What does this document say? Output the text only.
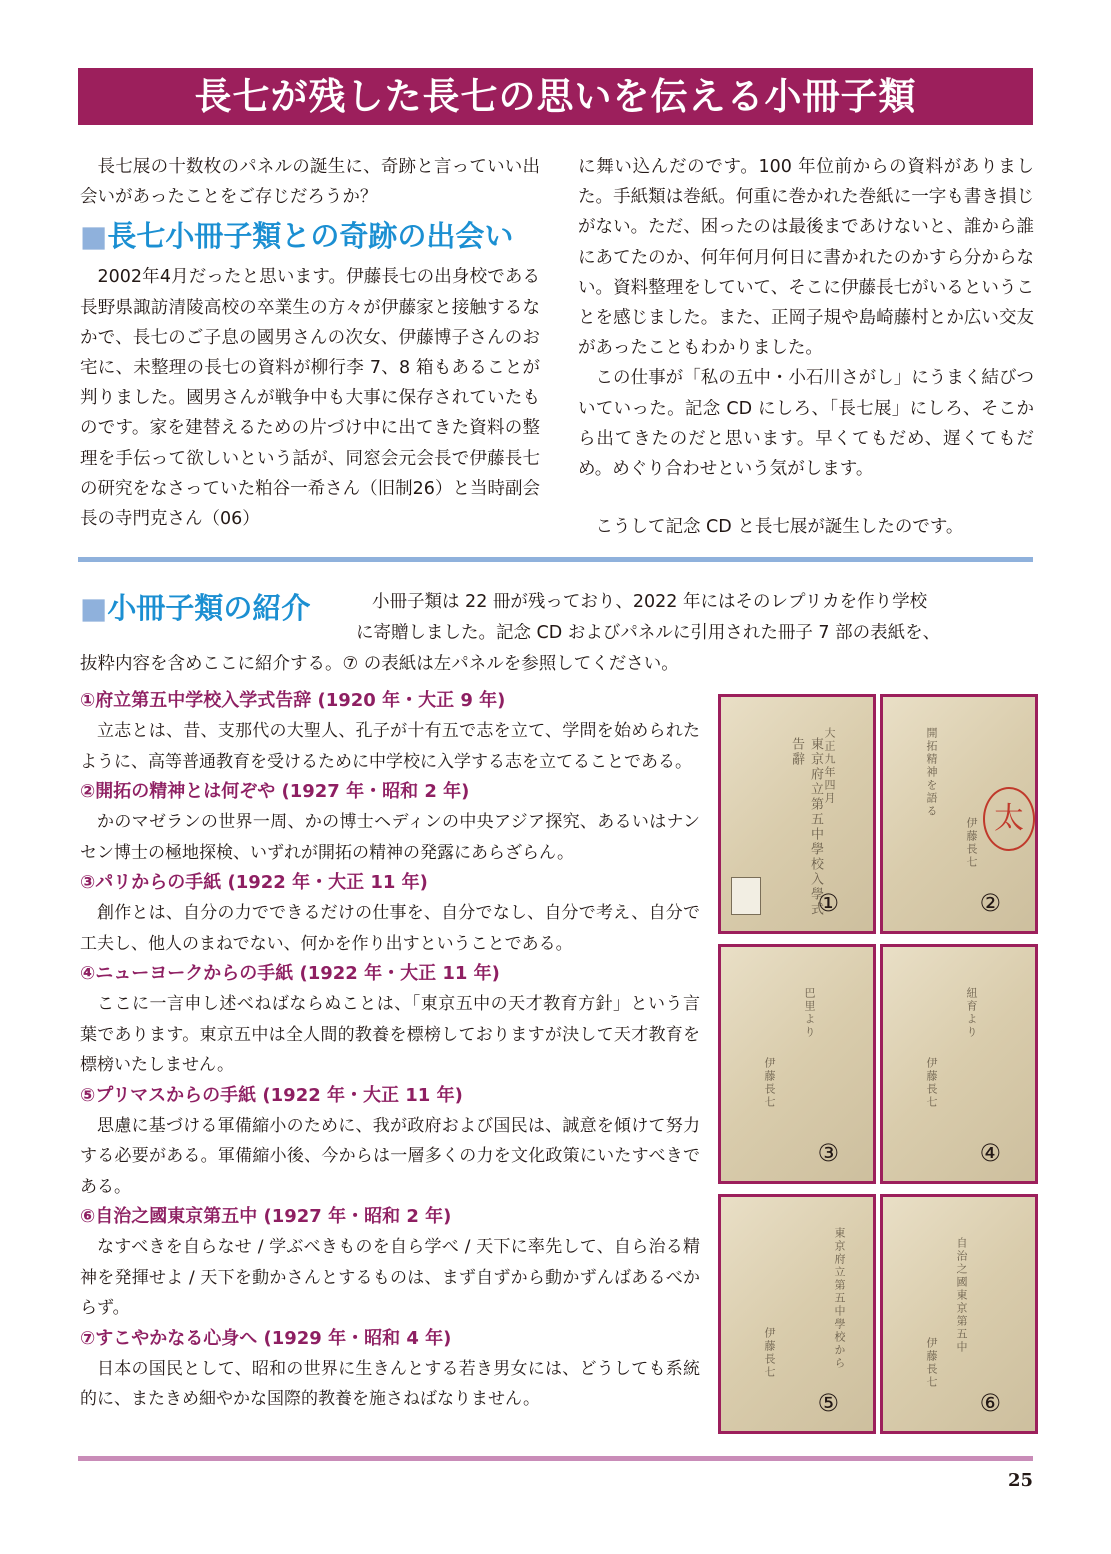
長七が残した長七の思いを伝える小冊子類

長七展の十数枚のパネルの誕生に、奇跡と言っていい出会いがあったことをご存じだろうか？

■長七小冊子類との奇跡の出会い

2002年4月だったと思います。伊藤長七の出身校である長野県諏訪清陵高校の卒業生の方々が伊藤家と接触するなかで、長七のご子息の國男さんの次女、伊藤博子さんのお宅に、未整理の長七の資料が柳行李 7、8 箱もあることが判りました。國男さんが戦争中も大事に保存されていたものです。家を建替えるための片づけ中に出てきた資料の整理を手伝って欲しいという話が、同窓会元会長で伊藤長七の研究をなさっていた粕谷一希さん（旧制26）と当時副会長の寺門克さん（06）

に舞い込んだのです。100 年位前からの資料がありました。手紙類は巻紙。何重に巻かれた巻紙に一字も書き損じがない。ただ、困ったのは最後まであけないと、誰から誰にあてたのか、何年何月何日に書かれたのかすら分からない。資料整理をしていて、そこに伊藤長七がいるということを感じました。また、正岡子規や島崎藤村とか広い交友があったこともわかりました。

この仕事が「私の五中・小石川さがし」にうまく結びついていった。記念 CD にしろ、「長七展」にしろ、そこから出てきたのだと思います。早くてもだめ、遅くてもだめ。めぐり合わせという気がします。

こうして記念 CD と長七展が誕生したのです。

■小冊子類の紹介	小冊子類は 22 冊が残っており、2022 年にはそのレプリカを作り学校
に寄贈しました。記念 CD およびパネルに引用された冊子 7 部の表紙を、
抜粋内容を含めここに紹介する。⑦ の表紙は左パネルを参照してください。
①府立第五中学校入学式告辞 (1920 年・大正 9 年)

立志とは、昔、支那代の大聖人、孔子が十有五で志を立て、学問を始められたように、高等普通教育を受けるために中学校に入学する志を立てることである。

②開拓の精神とは何ぞや (1927 年・昭和 2 年)

かのマゼランの世界一周、かの博士ヘディンの中央アジア探究、あるいはナンセン博士の極地探検、いずれが開拓の精神の発露にあらざらん。

③パリからの手紙 (1922 年・大正 11 年)

創作とは、自分の力でできるだけの仕事を、自分でなし、自分で考え、自分で工夫し、他人のまねでない、何かを作り出すということである。

④ニューヨークからの手紙 (1922 年・大正 11 年)

ここに一言申し述べねばならぬことは、「東京五中の天才教育方針」という言葉であります。東京五中は全人間的教養を標榜しておりますが決して天才教育を標榜いたしません。

⑤プリマスからの手紙 (1922 年・大正 11 年)

思慮に基づける軍備縮小のために、我が政府および国民は、誠意を傾けて努力する必要がある。軍備縮小後、今からは一層多くの力を文化政策にいたすべきである。

⑥自治之國東京第五中 (1927 年・昭和 2 年)

なすべきを自らなせ / 学ぶべきものを自ら学べ / 天下に率先して、自ら治る精神を発揮せよ / 天下を動かさんとするものは、まず自ずから動かずんばあるべからず。

⑦すこやかなる心身へ (1929 年・昭和 4 年)

日本の国民として、昭和の世界に生きんとする若き男女には、どうしても系統的に、またきめ細やかな国際的教養を施さねばなりません。

東京府立第五中學校入學式告辭	大正九年四月
①
開拓精神を語る
伊藤長七 太
②
巴里より
伊藤長七
③
紐育より
伊藤長七
④
東京府立第五中學校から
伊藤長七
⑤
自治之國東京第五中
伊藤長七
⑥
25
